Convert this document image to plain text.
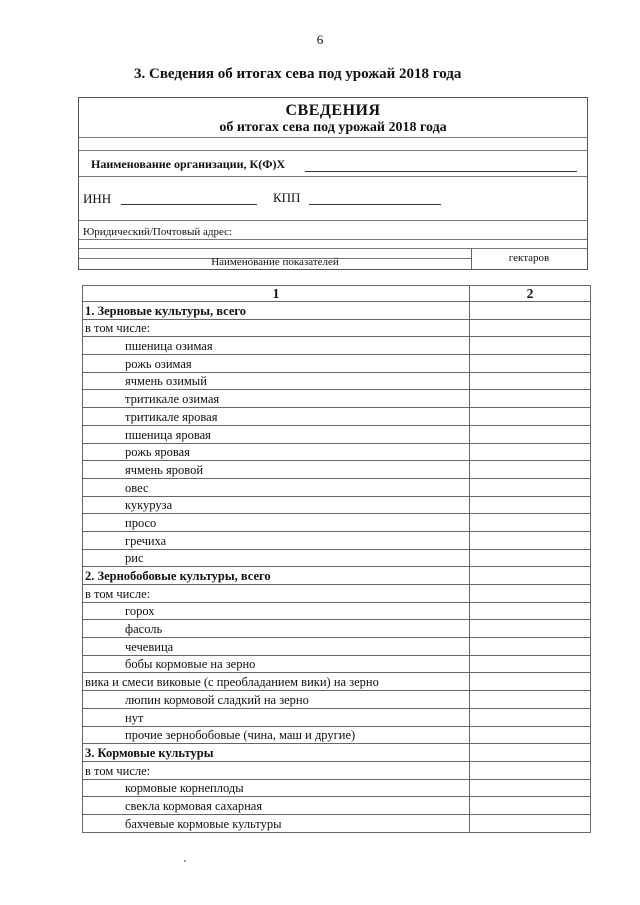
6
3. Сведения об итогах сева под урожай 2018 года
СВЕДЕНИЯ
об итогах сева под урожай 2018 года
Наименование организации, К(Ф)Х
ИНН	КПП
Юридический/Почтовый адрес:
Наименование показателей	гектаров
1	2
1. Зерновые культуры, всего	
в том числе:	
пшеница озимая	
рожь озимая	
ячмень озимый	
тритикале озимая	
тритикале яровая	
пшеница яровая	
рожь яровая	
ячмень яровой	
овес	
кукуруза	
просо	
гречиха	
рис	
2. Зернобобовые культуры, всего	
в том числе:	
горох	
фасоль	
чечевица	
бобы кормовые на зерно	
вика и смеси виковые (с преобладанием вики) на зерно	
люпин кормовой сладкий на зерно	
нут	
прочие зернобобовые (чина, маш и другие)	
3. Кормовые культуры	
в том числе:	
кормовые корнеплоды	
свекла кормовая сахарная	
бахчевые кормовые культуры	
